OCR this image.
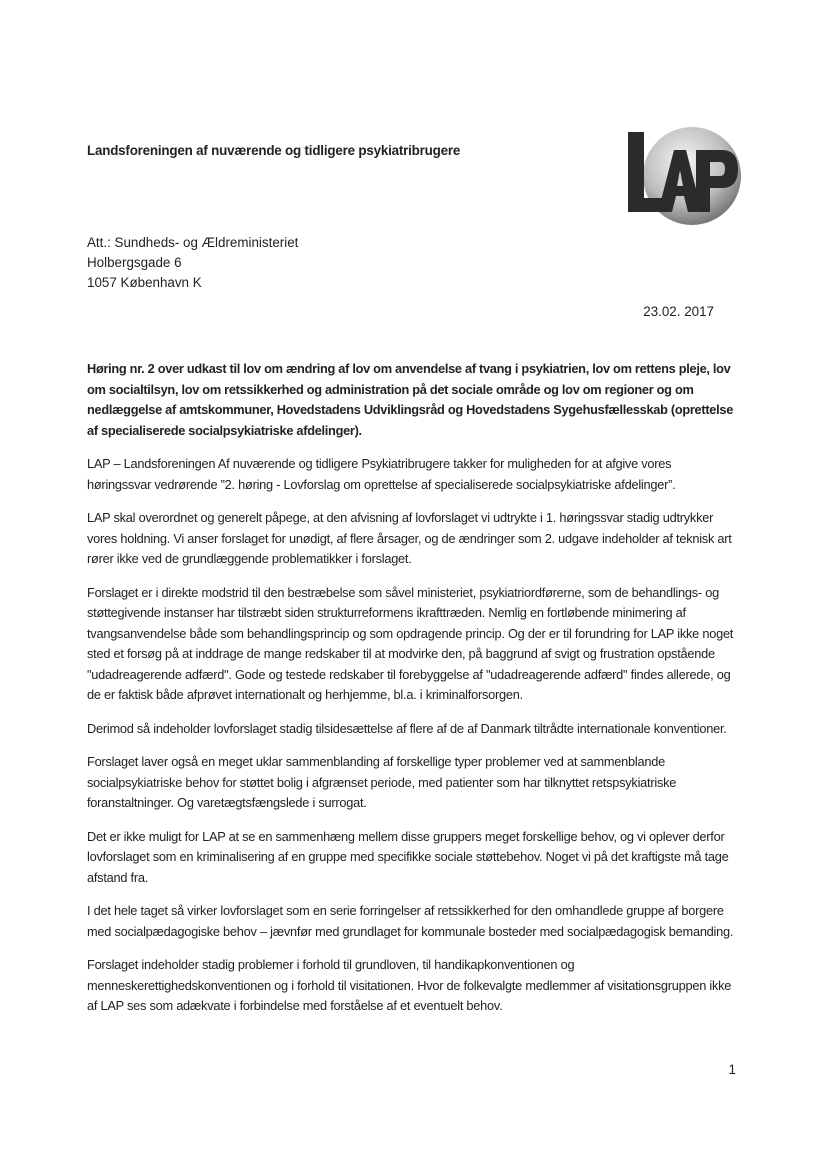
Landsforeningen af nuværende og tidligere psykiatribrugere
Att.: Sundheds- og Ældreministeriet
Holbergsgade 6
1057 København K
23.02. 2017

Høring nr. 2 over udkast til lov om ændring af lov om anvendelse af tvang i psykiatrien, lov om rettens pleje, lov om socialtilsyn, lov om retssikkerhed og administration på det sociale område og lov om regioner og om nedlæggelse af amtskommuner, Hovedstadens Udviklingsråd og Hovedstadens Sygehusfællesskab (oprettelse af specialiserede socialpsykiatriske afdelinger).

LAP – Landsforeningen Af nuværende og tidligere Psykiatribrugere takker for muligheden for at afgive vores høringssvar vedrørende ”2. høring - Lovforslag om oprettelse af specialiserede socialpsykiatriske afdelinger”.

LAP skal overordnet og generelt påpege, at den afvisning af lovforslaget vi udtrykte i 1. høringssvar stadig udtrykker vores holdning. Vi anser forslaget for unødigt, af flere årsager, og de ændringer som 2. udgave indeholder af teknisk art rører ikke ved de grundlæggende problematikker i forslaget.

Forslaget er i direkte modstrid til den bestræbelse som såvel ministeriet, psykiatriordførerne, som de behandlings- og støttegivende instanser har tilstræbt siden strukturreformens ikrafttræden. Nemlig en fortløbende minimering af tvangsanvendelse både som behandlingsprincip og som opdragende princip. Og der er til forundring for LAP ikke noget sted et forsøg på at inddrage de mange redskaber til at modvirke den, på baggrund af svigt og frustration opstående "udadreagerende adfærd". Gode og testede redskaber til forebyggelse af "udadreagerende adfærd" findes allerede, og de er faktisk både afprøvet internationalt og herhjemme, bl.a. i kriminalforsorgen.

Derimod så indeholder lovforslaget stadig tilsidesættelse af flere af de af Danmark tiltrådte internationale konventioner.

Forslaget laver også en meget uklar sammenblanding af forskellige typer problemer ved at sammenblande socialpsykiatriske behov for støttet bolig i afgrænset periode, med patienter som har tilknyttet retspsykiatriske foranstaltninger. Og varetægtsfængslede i surrogat.

Det er ikke muligt for LAP at se en sammenhæng mellem disse gruppers meget forskellige behov, og vi oplever derfor lovforslaget som en kriminalisering af en gruppe med specifikke sociale støttebehov. Noget vi på det kraftigste må tage afstand fra.

I det hele taget så virker lovforslaget som en serie forringelser af retssikkerhed for den omhandlede gruppe af borgere med socialpædagogiske behov – jævnfør med grundlaget for kommunale bosteder med socialpædagogisk bemanding.

Forslaget indeholder stadig problemer i forhold til grundloven, til handikapkonventionen og menneskerettighedskonventionen og i forhold til visitationen. Hvor de folkevalgte medlemmer af visitationsgruppen ikke af LAP ses som adækvate i forbindelse med forståelse af et eventuelt behov.

1
